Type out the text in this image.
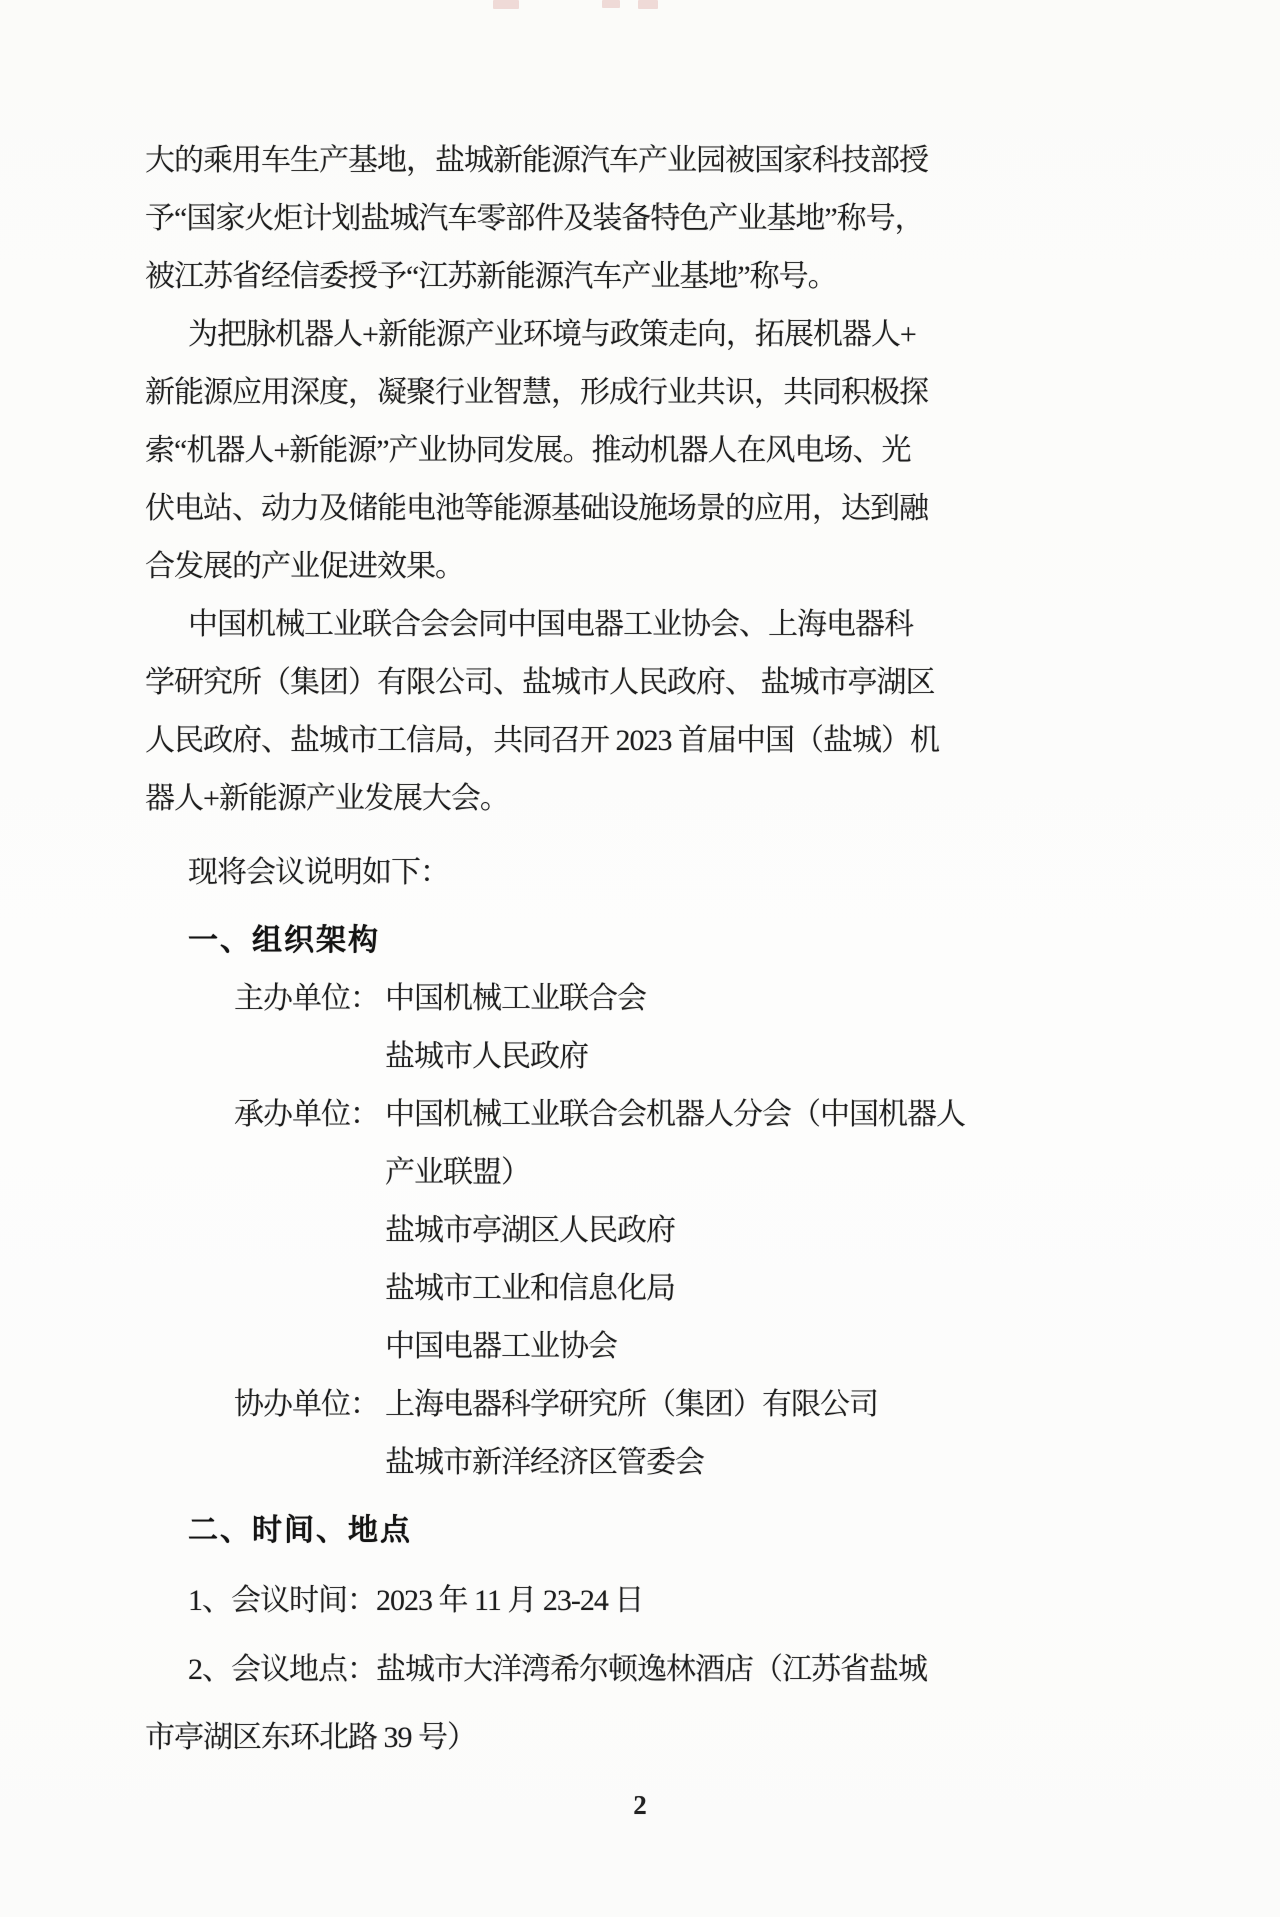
大的乘用车生产基地，盐城新能源汽车产业园被国家科技部授

予“国家火炬计划盐城汽车零部件及装备特色产业基地”称号，

被江苏省经信委授予“江苏新能源汽车产业基地”称号。

为把脉机器人+新能源产业环境与政策走向，拓展机器人+

新能源应用深度，凝聚行业智慧，形成行业共识，共同积极探

索“机器人+新能源”产业协同发展。推动机器人在风电场、光

伏电站、动力及储能电池等能源基础设施场景的应用，达到融

合发展的产业促进效果。

中国机械工业联合会会同中国电器工业协会、上海电器科

学研究所（集团）有限公司、盐城市人民政府、 盐城市亭湖区

人民政府、盐城市工信局，共同召开 2023 首届中国（盐城）机

器人+新能源产业发展大会。

现将会议说明如下：

一、组织架构

主办单位： 中国机械工业联合会

盐城市人民政府

承办单位： 中国机械工业联合会机器人分会（中国机器人

产业联盟）

盐城市亭湖区人民政府

盐城市工业和信息化局

中国电器工业协会

协办单位： 上海电器科学研究所（集团）有限公司

盐城市新洋经济区管委会

二、时间、地点

1、会议时间：2023 年 11 月 23-24 日

2、会议地点：盐城市大洋湾希尔顿逸林酒店（江苏省盐城

市亭湖区东环北路 39 号）

2
